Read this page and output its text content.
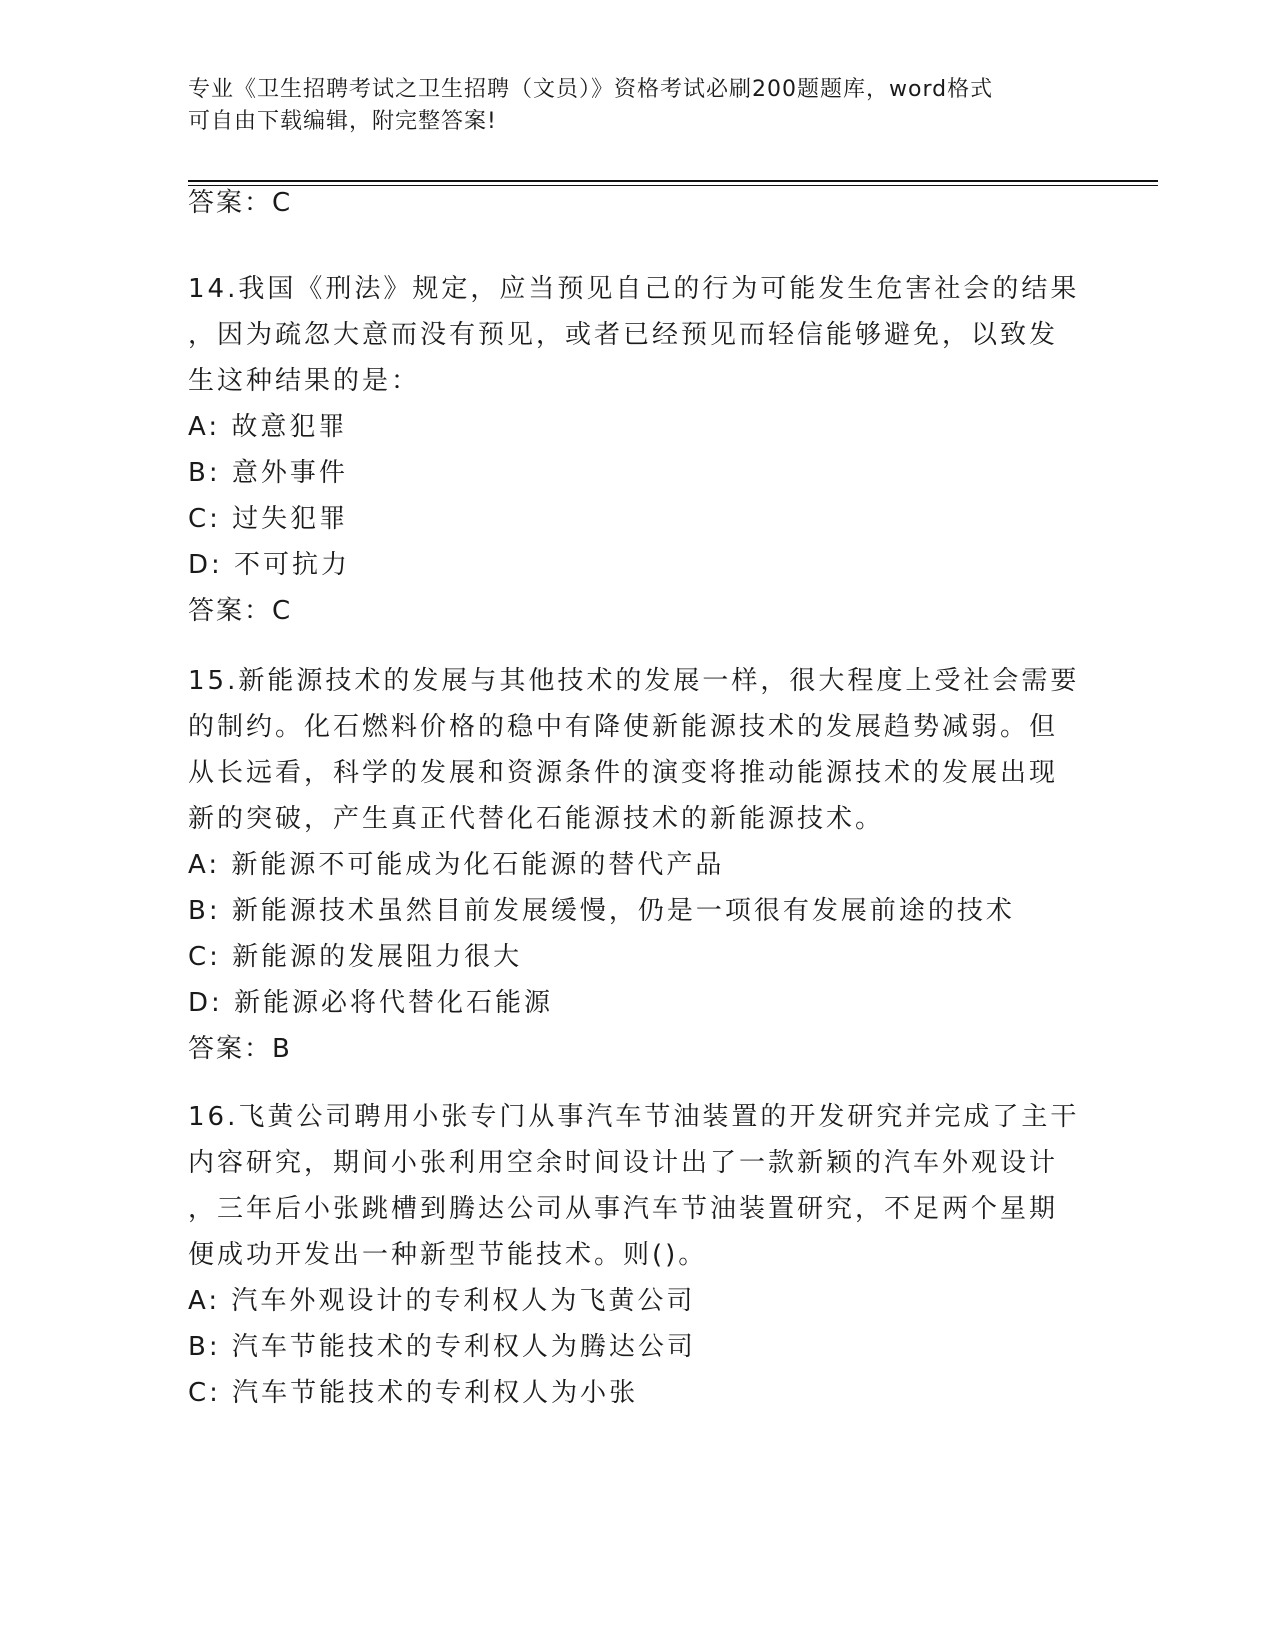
专业《卫生招聘考试之卫生招聘（文员）》资格考试必刷200题题库，word格式
可自由下载编辑，附完整答案!
答案：C
14.我国《刑法》规定，应当预见自己的行为可能发生危害社会的结果
，因为疏忽大意而没有预见，或者已经预见而轻信能够避免，以致发
生这种结果的是：
A: 故意犯罪
B: 意外事件
C: 过失犯罪
D: 不可抗力
答案：C
15.新能源技术的发展与其他技术的发展一样，很大程度上受社会需要
的制约。化石燃料价格的稳中有降使新能源技术的发展趋势减弱。但
从长远看，科学的发展和资源条件的演变将推动能源技术的发展出现
新的突破，产生真正代替化石能源技术的新能源技术。
A: 新能源不可能成为化石能源的替代产品
B: 新能源技术虽然目前发展缓慢，仍是一项很有发展前途的技术
C: 新能源的发展阻力很大
D: 新能源必将代替化石能源
答案：B
16.飞黄公司聘用小张专门从事汽车节油装置的开发研究并完成了主干
内容研究，期间小张利用空余时间设计出了一款新颖的汽车外观设计
，三年后小张跳槽到腾达公司从事汽车节油装置研究，不足两个星期
便成功开发出一种新型节能技术。则()。
A: 汽车外观设计的专利权人为飞黄公司
B: 汽车节能技术的专利权人为腾达公司
C: 汽车节能技术的专利权人为小张
